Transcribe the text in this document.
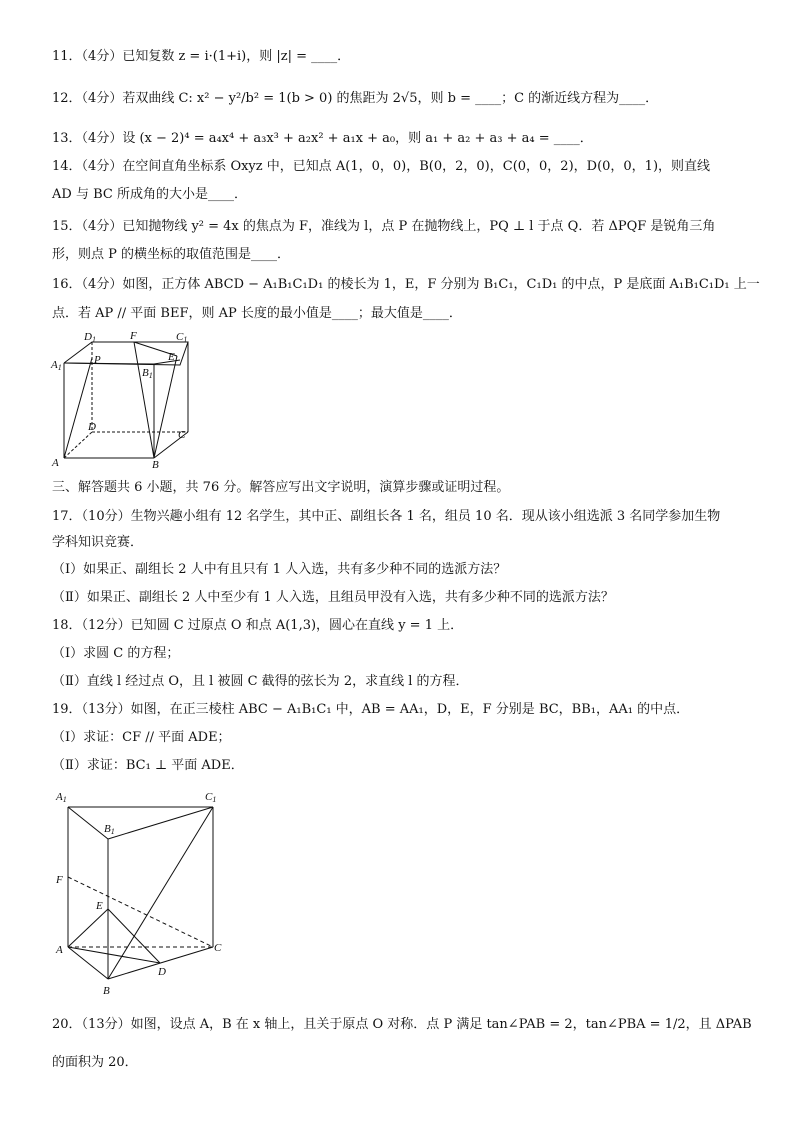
11．（4分）已知复数 z = i·(1+i)，则 |z| = ____．
12．（4分）若双曲线 C: x² − y²/b² = 1(b > 0) 的焦距为 2√5，则 b = ____；C 的渐近线方程为____．
13．（4分）设 (x − 2)⁴ = a₄x⁴ + a₃x³ + a₂x² + a₁x + a₀，则 a₁ + a₂ + a₃ + a₄ = ____．
14．（4分）在空间直角坐标系 Oxyz 中，已知点 A(1，0，0)，B(0，2，0)，C(0，0，2)，D(0，0，1)，则直线
AD 与 BC 所成角的大小是____．
15．（4分）已知抛物线 y² = 4x 的焦点为 F，准线为 l，点 P 在抛物线上，PQ ⊥ l 于点 Q．若 ΔPQF 是锐角三角
形，则点 P 的横坐标的取值范围是____．
16．（4分）如图，正方体 ABCD − A₁B₁C₁D₁ 的棱长为 1，E，F 分别为 B₁C₁，C₁D₁ 的中点，P 是底面 A₁B₁C₁D₁ 上一
点．若 AP // 平面 BEF，则 AP 长度的最小值是____；最大值是____．
D1	F	C1
A1
P	E
B1
D
C
A	B
三、解答题共 6 小题，共 76 分。解答应写出文字说明，演算步骤或证明过程。
17．（10分）生物兴趣小组有 12 名学生，其中正、副组长各 1 名，组员 10 名．现从该小组选派 3 名同学参加生物
学科知识竞赛．
（Ⅰ）如果正、副组长 2 人中有且只有 1 人入选，共有多少种不同的选派方法？
（Ⅱ）如果正、副组长 2 人中至少有 1 人入选，且组员甲没有入选，共有多少种不同的选派方法？
18．（12分）已知圆 C 过原点 O 和点 A(1,3)，圆心在直线 y = 1 上．
（Ⅰ）求圆 C 的方程；
（Ⅱ）直线 l 经过点 O，且 l 被圆 C 截得的弦长为 2，求直线 l 的方程．
19．（13分）如图，在正三棱柱 ABC − A₁B₁C₁ 中，AB = AA₁，D，E，F 分别是 BC，BB₁，AA₁ 的中点．
（Ⅰ）求证：CF // 平面 ADE；
（Ⅱ）求证：BC₁ ⊥ 平面 ADE．
A1	C1
B1
F
E
A	C
D
B
20．（13分）如图，设点 A，B 在 x 轴上，且关于原点 O 对称．点 P 满足 tan∠PAB = 2，tan∠PBA = 1/2，且 ΔPAB
的面积为 20．
